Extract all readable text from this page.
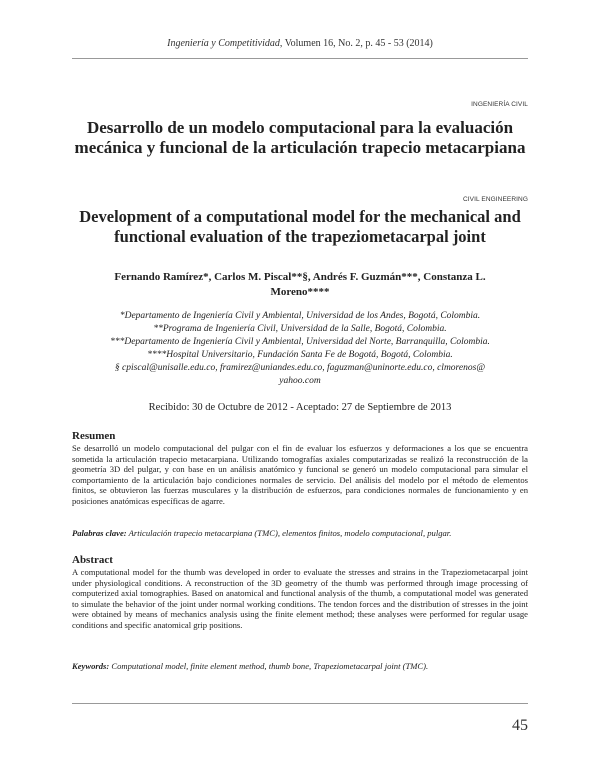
Ingeniería y Competitividad, Volumen 16, No. 2, p. 45 - 53 (2014)
INGENIERÍA CIVIL
Desarrollo de un modelo computacional para la evaluación mecánica y funcional de la articulación trapecio metacarpiana
CIVIL ENGINEERING
Development of a computational model for the mechanical and functional evaluation of the trapeziometacarpal joint
Fernando Ramírez*, Carlos M. Piscal**§, Andrés F. Guzmán***, Constanza L. Moreno****
*Departamento de Ingeniería Civil y Ambiental, Universidad de los Andes, Bogotá, Colombia.
**Programa de Ingeniería Civil, Universidad de la Salle, Bogotá, Colombia.
***Departamento de Ingeniería Civil y Ambiental, Universidad del Norte, Barranquilla, Colombia.
****Hospital Universitario, Fundación Santa Fe de Bogotá, Bogotá, Colombia.
§ cpiscal@unisalle.edu.co, framirez@uniandes.edu.co, faguzman@uninorte.edu.co, clmorenos@
yahoo.com
Recibido: 30 de Octubre de 2012 - Aceptado: 27 de Septiembre de 2013
Resumen
Se desarrolló un modelo computacional del pulgar con el fin de evaluar los esfuerzos y deformaciones a los que se encuentra sometida la articulación trapecio metacarpiana. Utilizando tomografías axiales computarizadas se realizó la reconstrucción de la geometría 3D del pulgar, y con base en un análisis anatómico y funcional se generó un modelo computacional para simular el comportamiento de la articulación bajo condiciones normales de servicio. Del análisis del modelo por el método de elementos finitos, se obtuvieron las fuerzas musculares y la distribución de esfuerzos, para condiciones normales de funcionamiento y en posiciones anatómicas específicas de agarre.
Palabras clave: Articulación trapecio metacarpiana (TMC), elementos finitos, modelo computacional, pulgar.
Abstract
A computational model for the thumb was developed in order to evaluate the stresses and strains in the Trapeziometacarpal joint under physiological conditions. A reconstruction of the 3D geometry of the thumb was performed through image processing of computerized axial tomographies. Based on anatomical and functional analysis of the thumb, a computational model was generated to simulate the behavior of the joint under normal working conditions. The tendon forces and the distribution of stresses in the joint were obtained by means of mechanics analysis using the finite element method; these analyses were performed for regular usage conditions and specific anatomical grip positions.
Keywords: Computational model, finite element method, thumb bone, Trapeziometacarpal joint (TMC).
45
